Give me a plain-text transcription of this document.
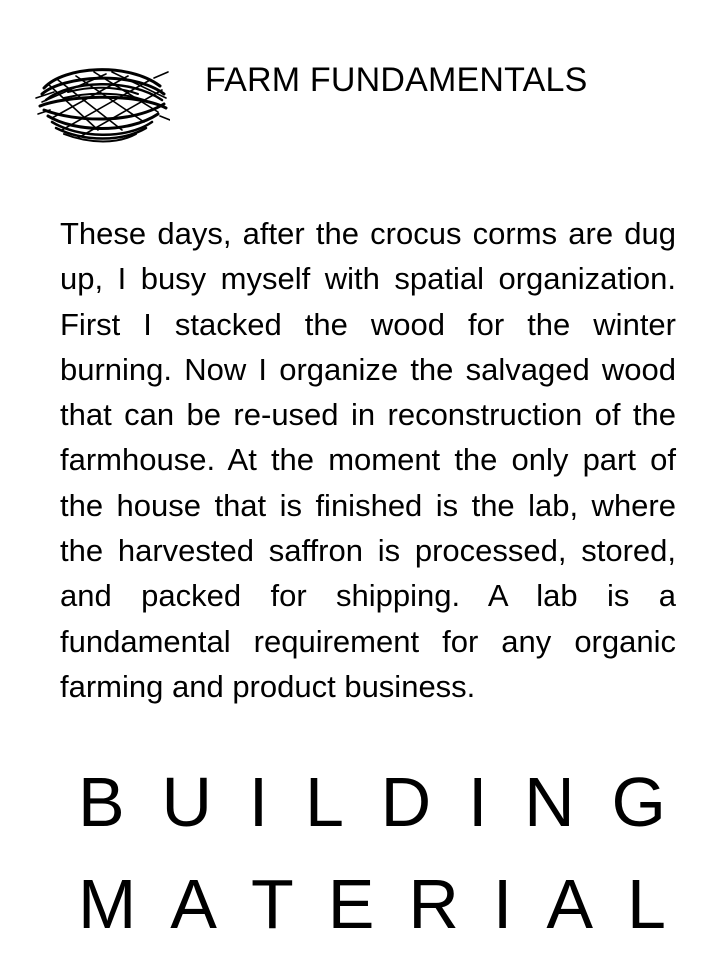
FARM FUNDAMENTALS

These days, after the crocus corms are dug up, I busy myself with spatial organization. First I stacked the wood for the winter burning. Now I organize the salvaged wood that can be re-used in reconstruction of the farmhouse. At the moment the only part of the house that is finished is the lab, where the harvested saffron is processed, stored, and packed for shipping. A lab is a fundamental requirement for any organic farming and product business.

B U I L D I N G
M A T E R I A L
